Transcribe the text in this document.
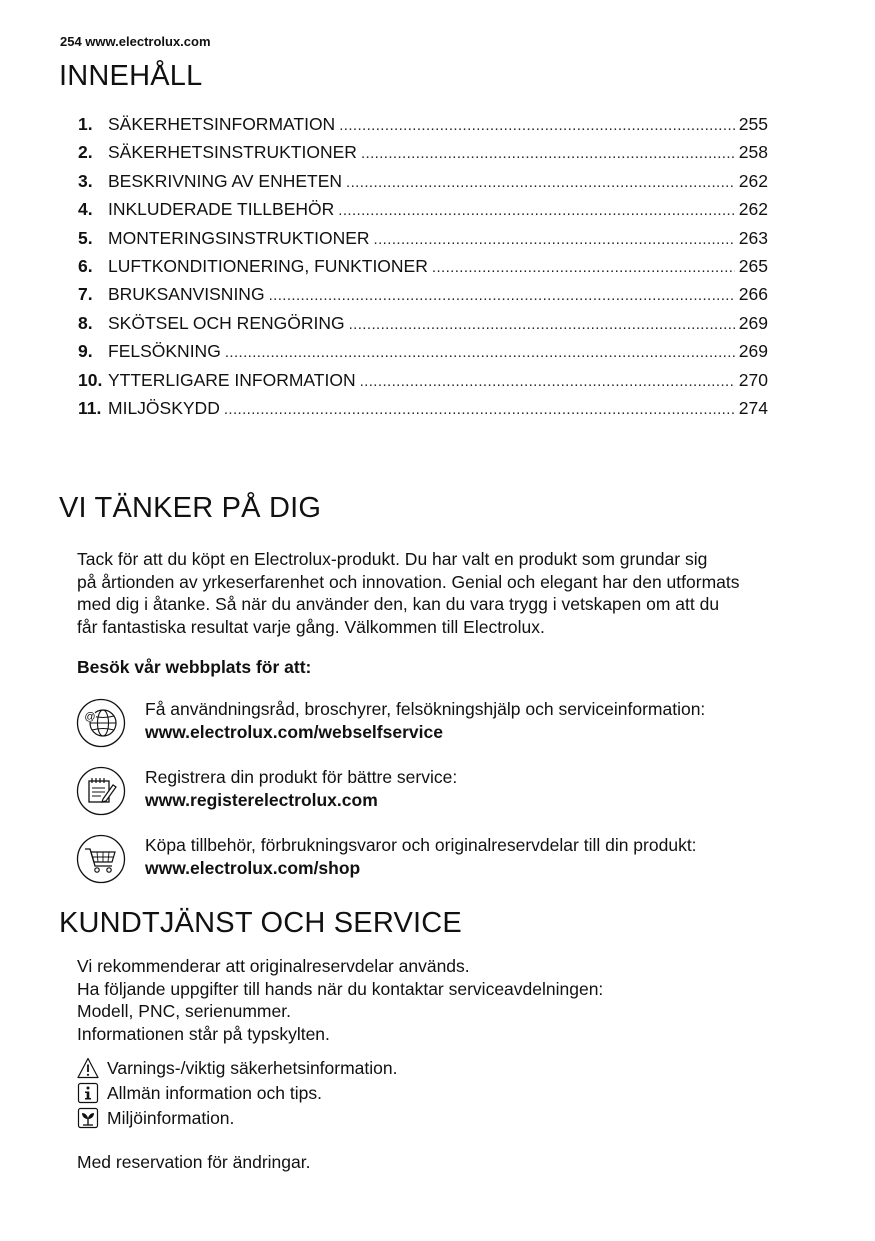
254 www.electrolux.com
INNEHÅLL
1. SÄKERHETSINFORMATION .....	255
2. SÄKERHETSINSTRUKTIONER .....	258
3. BESKRIVNING AV ENHETEN .....	262
4. INKLUDERADE TILLBEHÖR .....	262
5. MONTERINGSINSTRUKTIONER .....	263
6. LUFTKONDITIONERING, FUNKTIONER .....	265
7. BRUKSANVISNING .....	266
8. SKÖTSEL OCH RENGÖRING .....	269
9. FELSÖKNING .....	269
10. YTTERLIGARE INFORMATION .....	270
11. MILJÖSKYDD .....	274
VI TÄNKER PÅ DIG
Tack för att du köpt en Electrolux-produkt. Du har valt en produkt som grundar sig
på årtionden av yrkeserfarenhet och innovation. Genial och elegant har den utformats
med dig i åtanke. Så när du använder den, kan du vara trygg i vetskapen om att du
får fantastiska resultat varje gång. Välkommen till Electrolux.
Besök vår webbplats för att:
@	Få användningsråd, broschyrer, felsökningshjälp och serviceinformation:
www.electrolux.com/webselfservice
Registrera din produkt för bättre service:
www.registerelectrolux.com
Köpa tillbehör, förbrukningsvaror och originalreservdelar till din produkt:
www.electrolux.com/shop
KUNDTJÄNST OCH SERVICE
Vi rekommenderar att originalreservdelar används.
Ha följande uppgifter till hands när du kontaktar serviceavdelningen:
Modell, PNC, serienummer.
Informationen står på typskylten.
Varnings-/viktig säkerhetsinformation.
Allmän information och tips.
Miljöinformation.
Med reservation för ändringar.
